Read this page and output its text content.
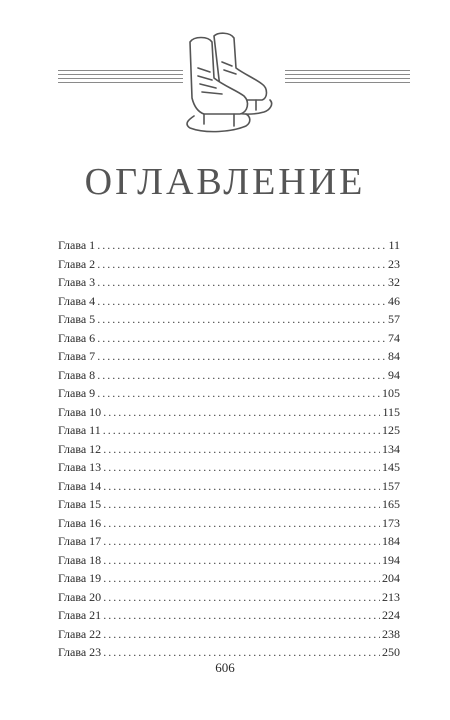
ОГЛАВЛЕНИЕ
Глава 1 . . .	11
Глава 2 . . .	23
Глава 3 . . .	32
Глава 4 . . .	46
Глава 5 . . .	57
Глава 6 . . .	74
Глава 7 . . .	84
Глава 8 . . .	94
Глава 9 . . .	105
Глава 10 . . .	115
Глава 11 . . .	125
Глава 12 . . .	134
Глава 13 . . .	145
Глава 14 . . .	157
Глава 15 . . .	165
Глава 16 . . .	173
Глава 17 . . .	184
Глава 18 . . .	194
Глава 19 . . .	204
Глава 20 . . .	213
Глава 21 . . .	224
Глава 22 . . .	238
Глава 23 . . .	250
606
